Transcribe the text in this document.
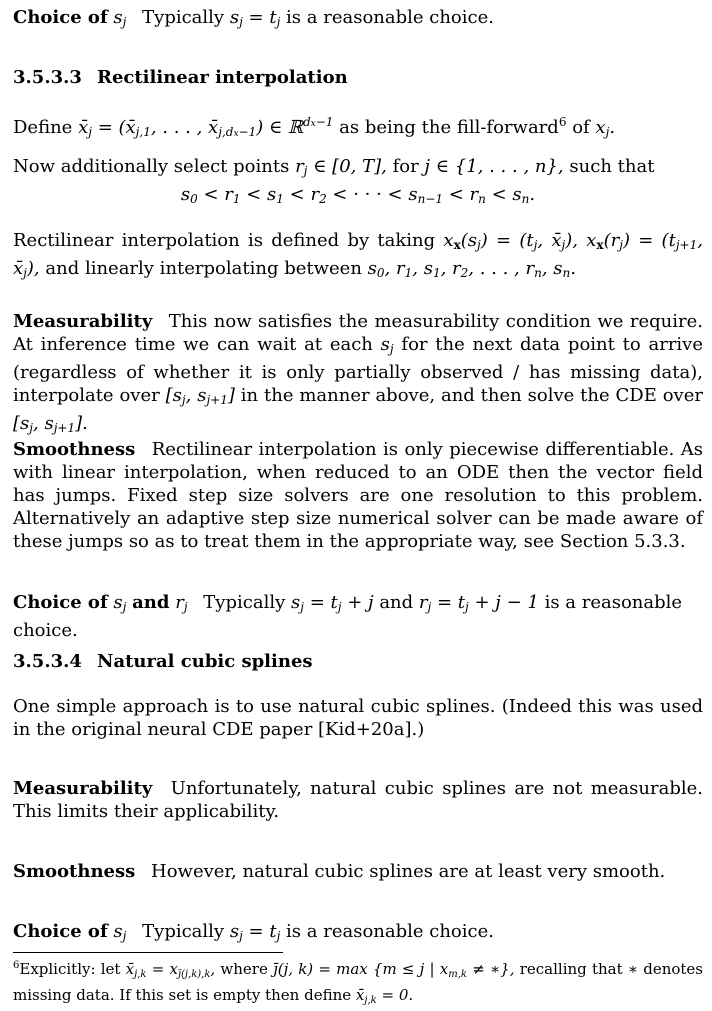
Choice of $s_j$ Typically $s_j = t_j$ is a reasonable choice.
3.5.3.3 Rectilinear interpolation
Define $x̄_j$ = ($x̄_{j,1}$, . . . , $x̄_{j,dx-1}$) ∈ ℝ$^{dx-1}$ as being the fill-forward$^6$ of $x_j$.
Now additionally select points $r_j$ ∈ [0, T], for j ∈ {1, . . . , n}, such that
$s_0 < r_1 < s_1 < r_2$ < · · · < $s_{n-1} < r_n < s_n$.
Rectilinear interpolation is defined by taking $x_x(s_j) = (t_j$, $x̄_j$), $x_x(r_j) = (t_{j+1}$, $x̄_j$), and linearly interpolating between $s_0$, $r_1$, $s_1$, $r_2$, . . . , $r_n$, $s_n$.
Measurability This now satisfies the measurability condition we require. At inference time we can wait at each $s_j$ for the next data point to arrive (regardless of whether it is only partially observed / has missing data), interpolate over [$s_j$, $s_{j+1}$] in the manner above, and then solve the CDE over [$s_j$, $s_{j+1}$].
Smoothness Rectilinear interpolation is only piecewise differentiable. As with linear interpolation, when reduced to an ODE then the vector field has jumps. Fixed step size solvers are one resolution to this problem. Alternatively an adaptive step size numerical solver can be made aware of these jumps so as to treat them in the appropriate way, see Section 5.3.3.
Choice of $s_j$ and $r_j$ Typically $s_j = t_j + j$ and $r_j = t_j + j - 1$ is a reasonable choice.
3.5.3.4 Natural cubic splines
One simple approach is to use natural cubic splines. (Indeed this was used in the original neural CDE paper [Kid+20a].)
Measurability Unfortunately, natural cubic splines are not measurable. This limits their applicability.
Smoothness However, natural cubic splines are at least very smooth.
Choice of $s_j$ Typically $s_j = t_j$ is a reasonable choice.
$^6$Explicitly: let $x̄_{j,k} = x_{j̄(j,k),k}$, where j̄(j, k) = max {m ≤ j | $x_{m,k}$ ≠ ∗}, recalling that ∗ denotes missing data. If this set is empty then define $x̄_{j,k} = 0$.
